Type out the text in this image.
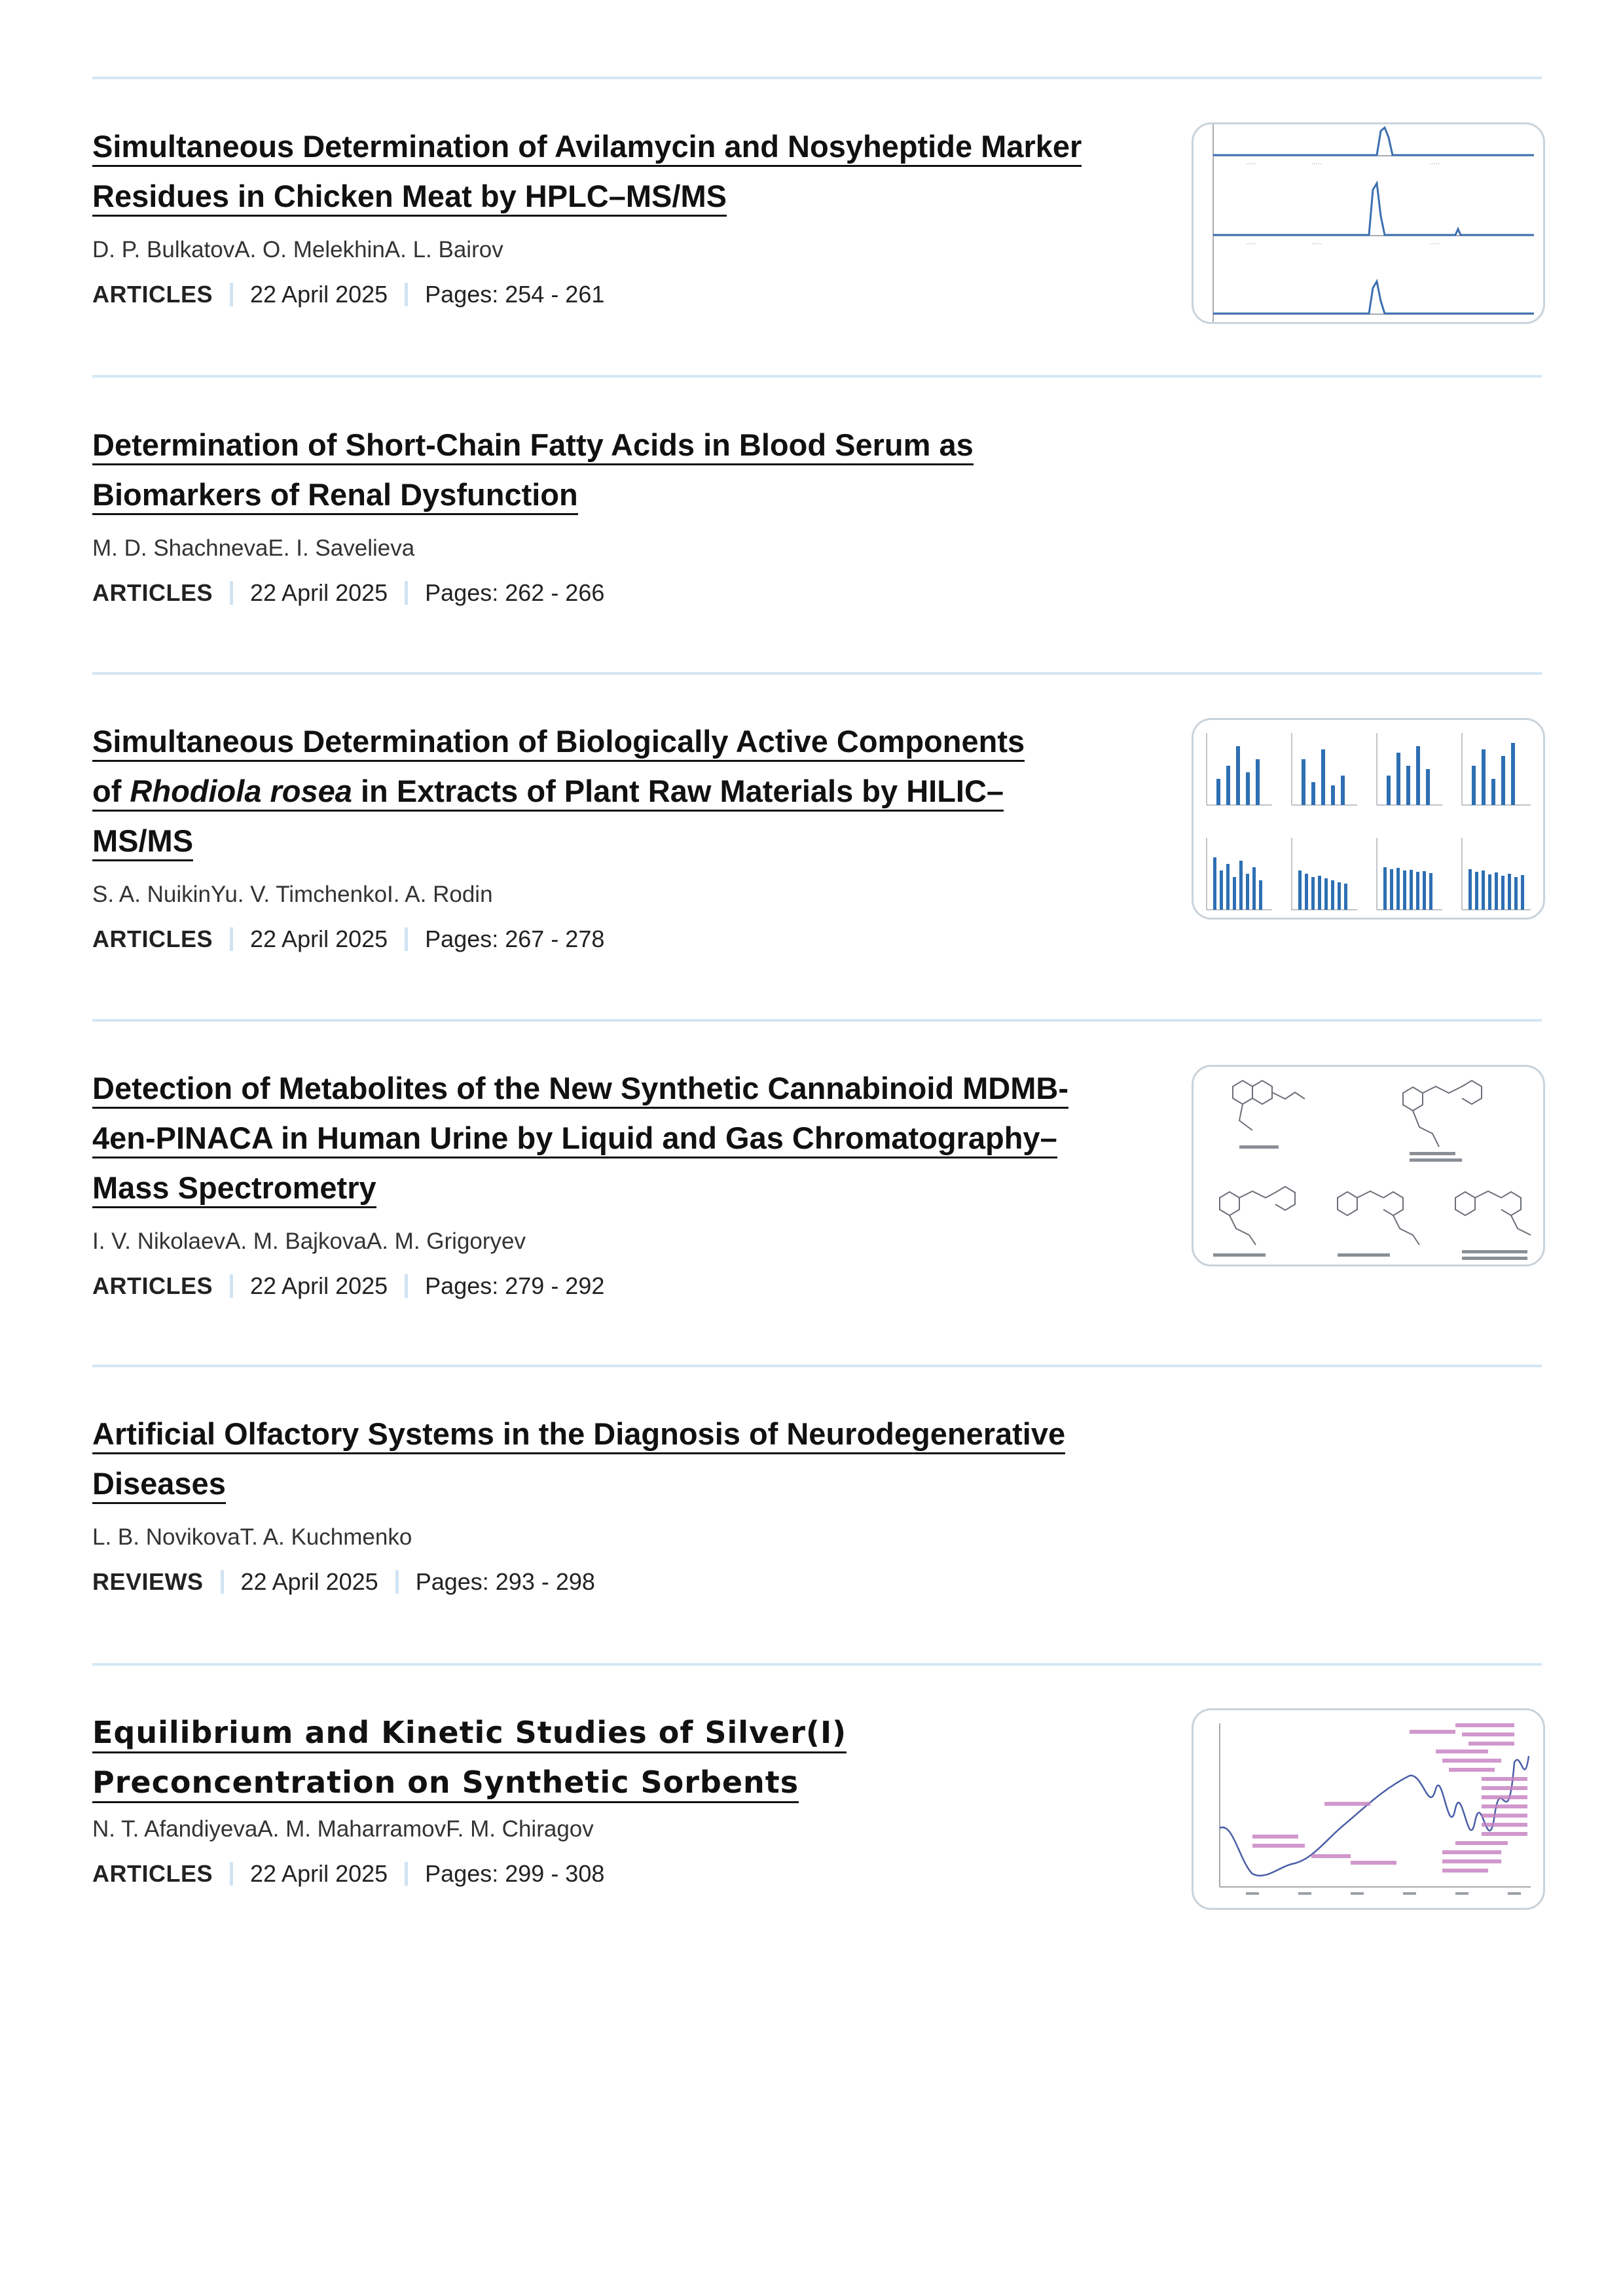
Simultaneous Determination of Avilamycin and Nosyheptide Marker
Residues in Chicken Meat by HPLC–MS/MS
D. P. BulkatovA. O. MelekhinA. L. Bairov
ARTICLES 22 April 2025 Pages: 254 - 261
·····	·····	·····
·····	·····	·····
Determination of Short-Chain Fatty Acids in Blood Serum as
Biomarkers of Renal Dysfunction
M. D. ShachnevaE. I. Savelieva
ARTICLES 22 April 2025 Pages: 262 - 266
Simultaneous Determination of Biologically Active Components
of Rhodiola rosea in Extracts of Plant Raw Materials by HILIC–
MS/MS
S. A. NuikinYu. V. TimchenkoI. A. Rodin
ARTICLES 22 April 2025 Pages: 267 - 278
Detection of Metabolites of the New Synthetic Cannabinoid MDMB-
4en-PINACA in Human Urine by Liquid and Gas Chromatography–
Mass Spectrometry
I. V. NikolaevA. M. BajkovaA. M. Grigoryev
ARTICLES 22 April 2025 Pages: 279 - 292
Artificial Olfactory Systems in the Diagnosis of Neurodegenerative
Diseases
L. B. NovikovaT. A. Kuchmenko
REVIEWS 22 April 2025 Pages: 293 - 298
Equilibrium and Kinetic Studies of Silver(I)
Preconcentration on Synthetic Sorbents
N. T. AfandiyevaA. M. MaharramovF. M. Chiragov
ARTICLES 22 April 2025 Pages: 299 - 308
